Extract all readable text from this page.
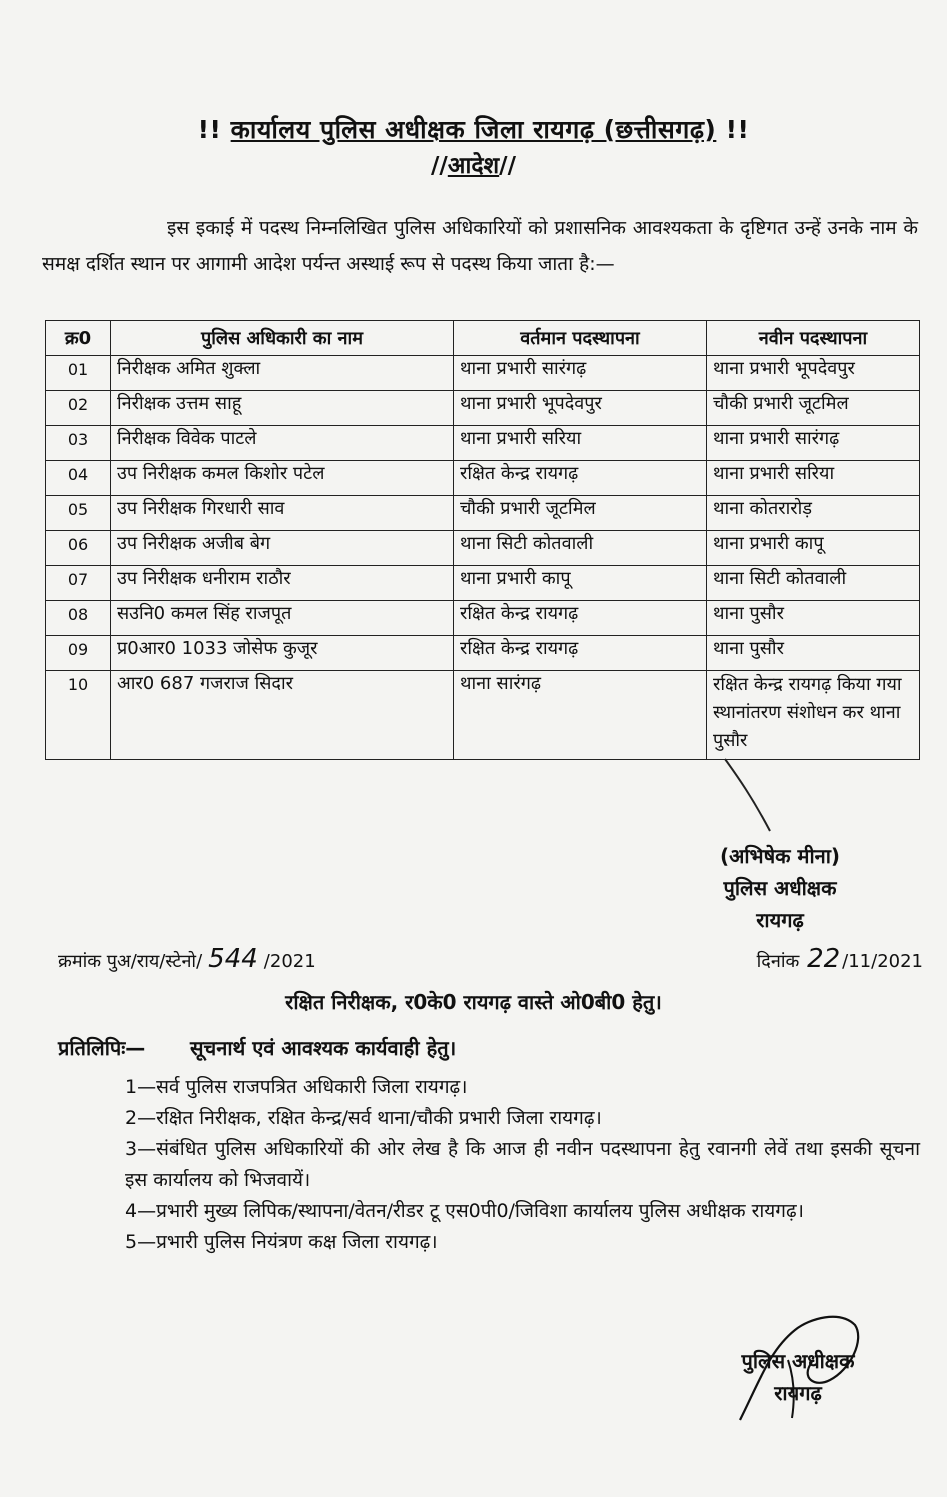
!! कार्यालय पुलिस अधीक्षक जिला रायगढ़ (छत्तीसगढ़) !!
//आदेश//
इस इकाई में पदस्थ निम्नलिखित पुलिस अधिकारियों को प्रशासनिक आवश्यकता के दृष्टिगत उन्हें उनके नाम के समक्ष दर्शित स्थान पर आगामी आदेश पर्यन्त अस्थाई रूप से पदस्थ किया जाता है:—
क्र0	पुलिस अधिकारी का नाम	वर्तमान पदस्थापना	नवीन पदस्थापना
01	निरीक्षक अमित शुक्ला	थाना प्रभारी सारंगढ़	थाना प्रभारी भूपदेवपुर
02	निरीक्षक उत्तम साहू	थाना प्रभारी भूपदेवपुर	चौकी प्रभारी जूटमिल
03	निरीक्षक विवेक पाटले	थाना प्रभारी सरिया	थाना प्रभारी सारंगढ़
04	उप निरीक्षक कमल किशोर पटेल	रक्षित केन्द्र रायगढ़	थाना प्रभारी सरिया
05	उप निरीक्षक गिरधारी साव	चौकी प्रभारी जूटमिल	थाना कोतरारोड़
06	उप निरीक्षक अजीब बेग	थाना सिटी कोतवाली	थाना प्रभारी कापू
07	उप निरीक्षक धनीराम राठौर	थाना प्रभारी कापू	थाना सिटी कोतवाली
08	सउनि0 कमल सिंह राजपूत	रक्षित केन्द्र रायगढ़	थाना पुसौर
09	प्र0आर0 1033 जोसेफ कुजूर	रक्षित केन्द्र रायगढ़	थाना पुसौर
10	आर0 687 गजराज सिदार	थाना सारंगढ़	रक्षित केन्द्र रायगढ़ किया गया स्थानांतरण संशोधन कर थाना पुसौर
(अभिषेक मीना)
पुलिस अधीक्षक
रायगढ़
क्रमांक पुअ/राय/स्टेनो/ 544 /2021	दिनांक 22 /11/2021
रक्षित निरीक्षक, र0के0 रायगढ़ वास्ते ओ0बी0 हेतु।
प्रतिलिपिः— सूचनार्थ एवं आवश्यक कार्यवाही हेतु।
1—सर्व पुलिस राजपत्रित अधिकारी जिला रायगढ़।
2—रक्षित निरीक्षक, रक्षित केन्द्र/सर्व थाना/चौकी प्रभारी जिला रायगढ़।
3—संबंधित पुलिस अधिकारियों की ओर लेख है कि आज ही नवीन पदस्थापना हेतु रवानगी लेवें तथा इसकी सूचना इस कार्यालय को भिजवायें।
4—प्रभारी मुख्य लिपिक/स्थापना/वेतन/रीडर टू एस0पी0/जिविशा कार्यालय पुलिस अधीक्षक रायगढ़।
5—प्रभारी पुलिस नियंत्रण कक्ष जिला रायगढ़।
पुलिस अधीक्षक
रायगढ़
